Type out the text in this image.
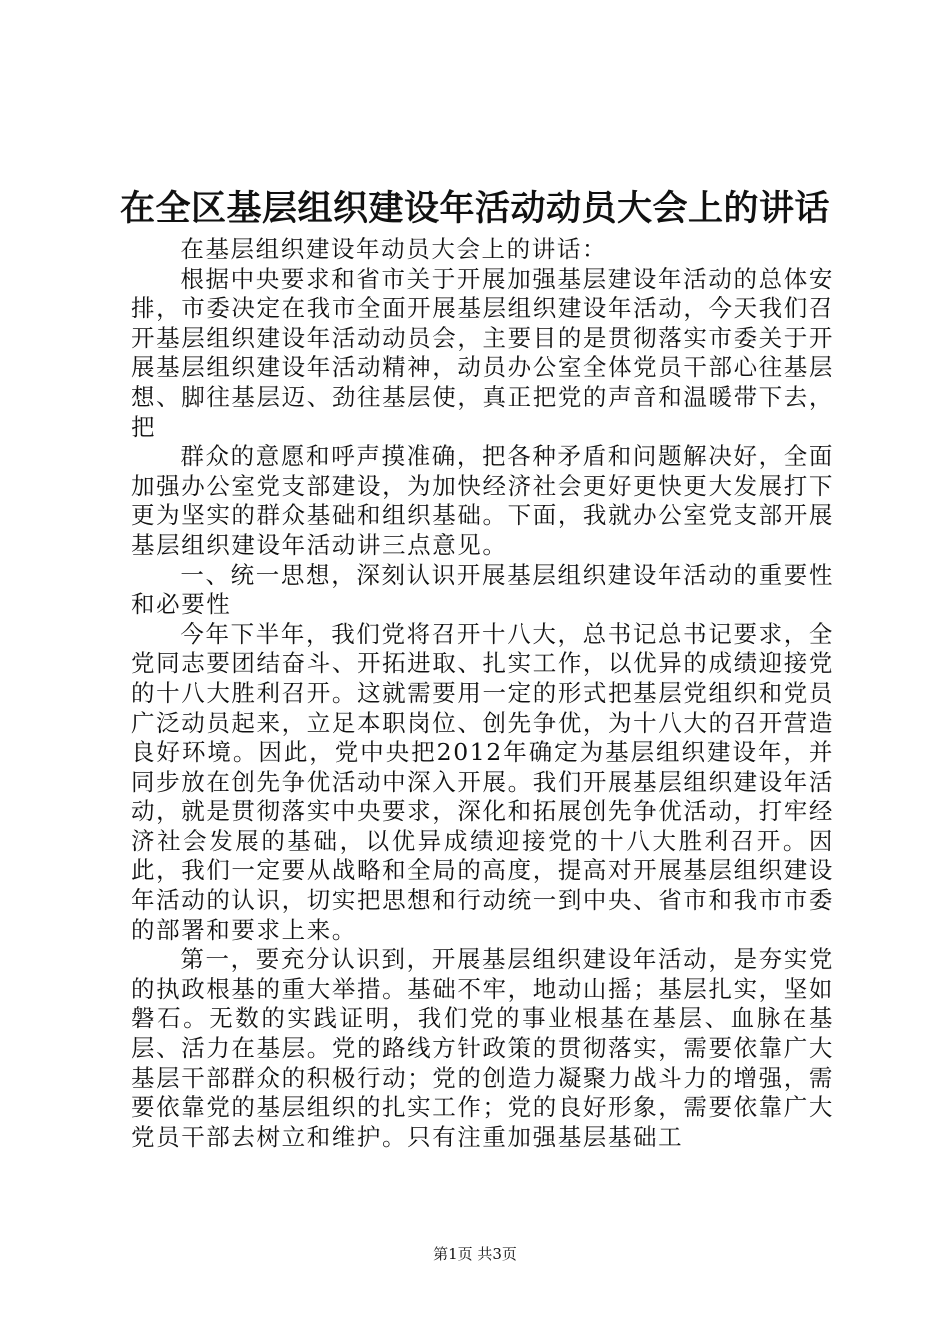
在全区基层组织建设年活动动员大会上的讲话

在基层组织建设年动员大会上的讲话：

根据中央要求和省市关于开展加强基层建设年活动的总体安排，市委决定在我市全面开展基层组织建设年活动，今天我们召开基层组织建设年活动动员会，主要目的是贯彻落实市委关于开展基层组织建设年活动精神，动员办公室全体党员干部心往基层想、脚往基层迈、劲往基层使，真正把党的声音和温暖带下去，把

群众的意愿和呼声摸准确，把各种矛盾和问题解决好，全面加强办公室党支部建设，为加快经济社会更好更快更大发展打下更为坚实的群众基础和组织基础。下面，我就办公室党支部开展基层组织建设年活动讲三点意见。

一、统一思想，深刻认识开展基层组织建设年活动的重要性和必要性

今年下半年，我们党将召开十八大，总书记总书记要求，全党同志要团结奋斗、开拓进取、扎实工作，以优异的成绩迎接党的十八大胜利召开。这就需要用一定的形式把基层党组织和党员广泛动员起来，立足本职岗位、创先争优，为十八大的召开营造良好环境。因此，党中央把2012年确定为基层组织建设年，并同步放在创先争优活动中深入开展。我们开展基层组织建设年活动，就是贯彻落实中央要求，深化和拓展创先争优活动，打牢经济社会发展的基础，以优异成绩迎接党的十八大胜利召开。因此，我们一定要从战略和全局的高度，提高对开展基层组织建设年活动的认识，切实把思想和行动统一到中央、省市和我市市委的部署和要求上来。

第一，要充分认识到，开展基层组织建设年活动，是夯实党的执政根基的重大举措。基础不牢，地动山摇；基层扎实，坚如磐石。无数的实践证明，我们党的事业根基在基层、血脉在基层、活力在基层。党的路线方针政策的贯彻落实，需要依靠广大基层干部群众的积极行动；党的创造力凝聚力战斗力的增强，需要依靠党的基层组织的扎实工作；党的良好形象，需要依靠广大党员干部去树立和维护。只有注重加强基层基础工

第1页 共3页
